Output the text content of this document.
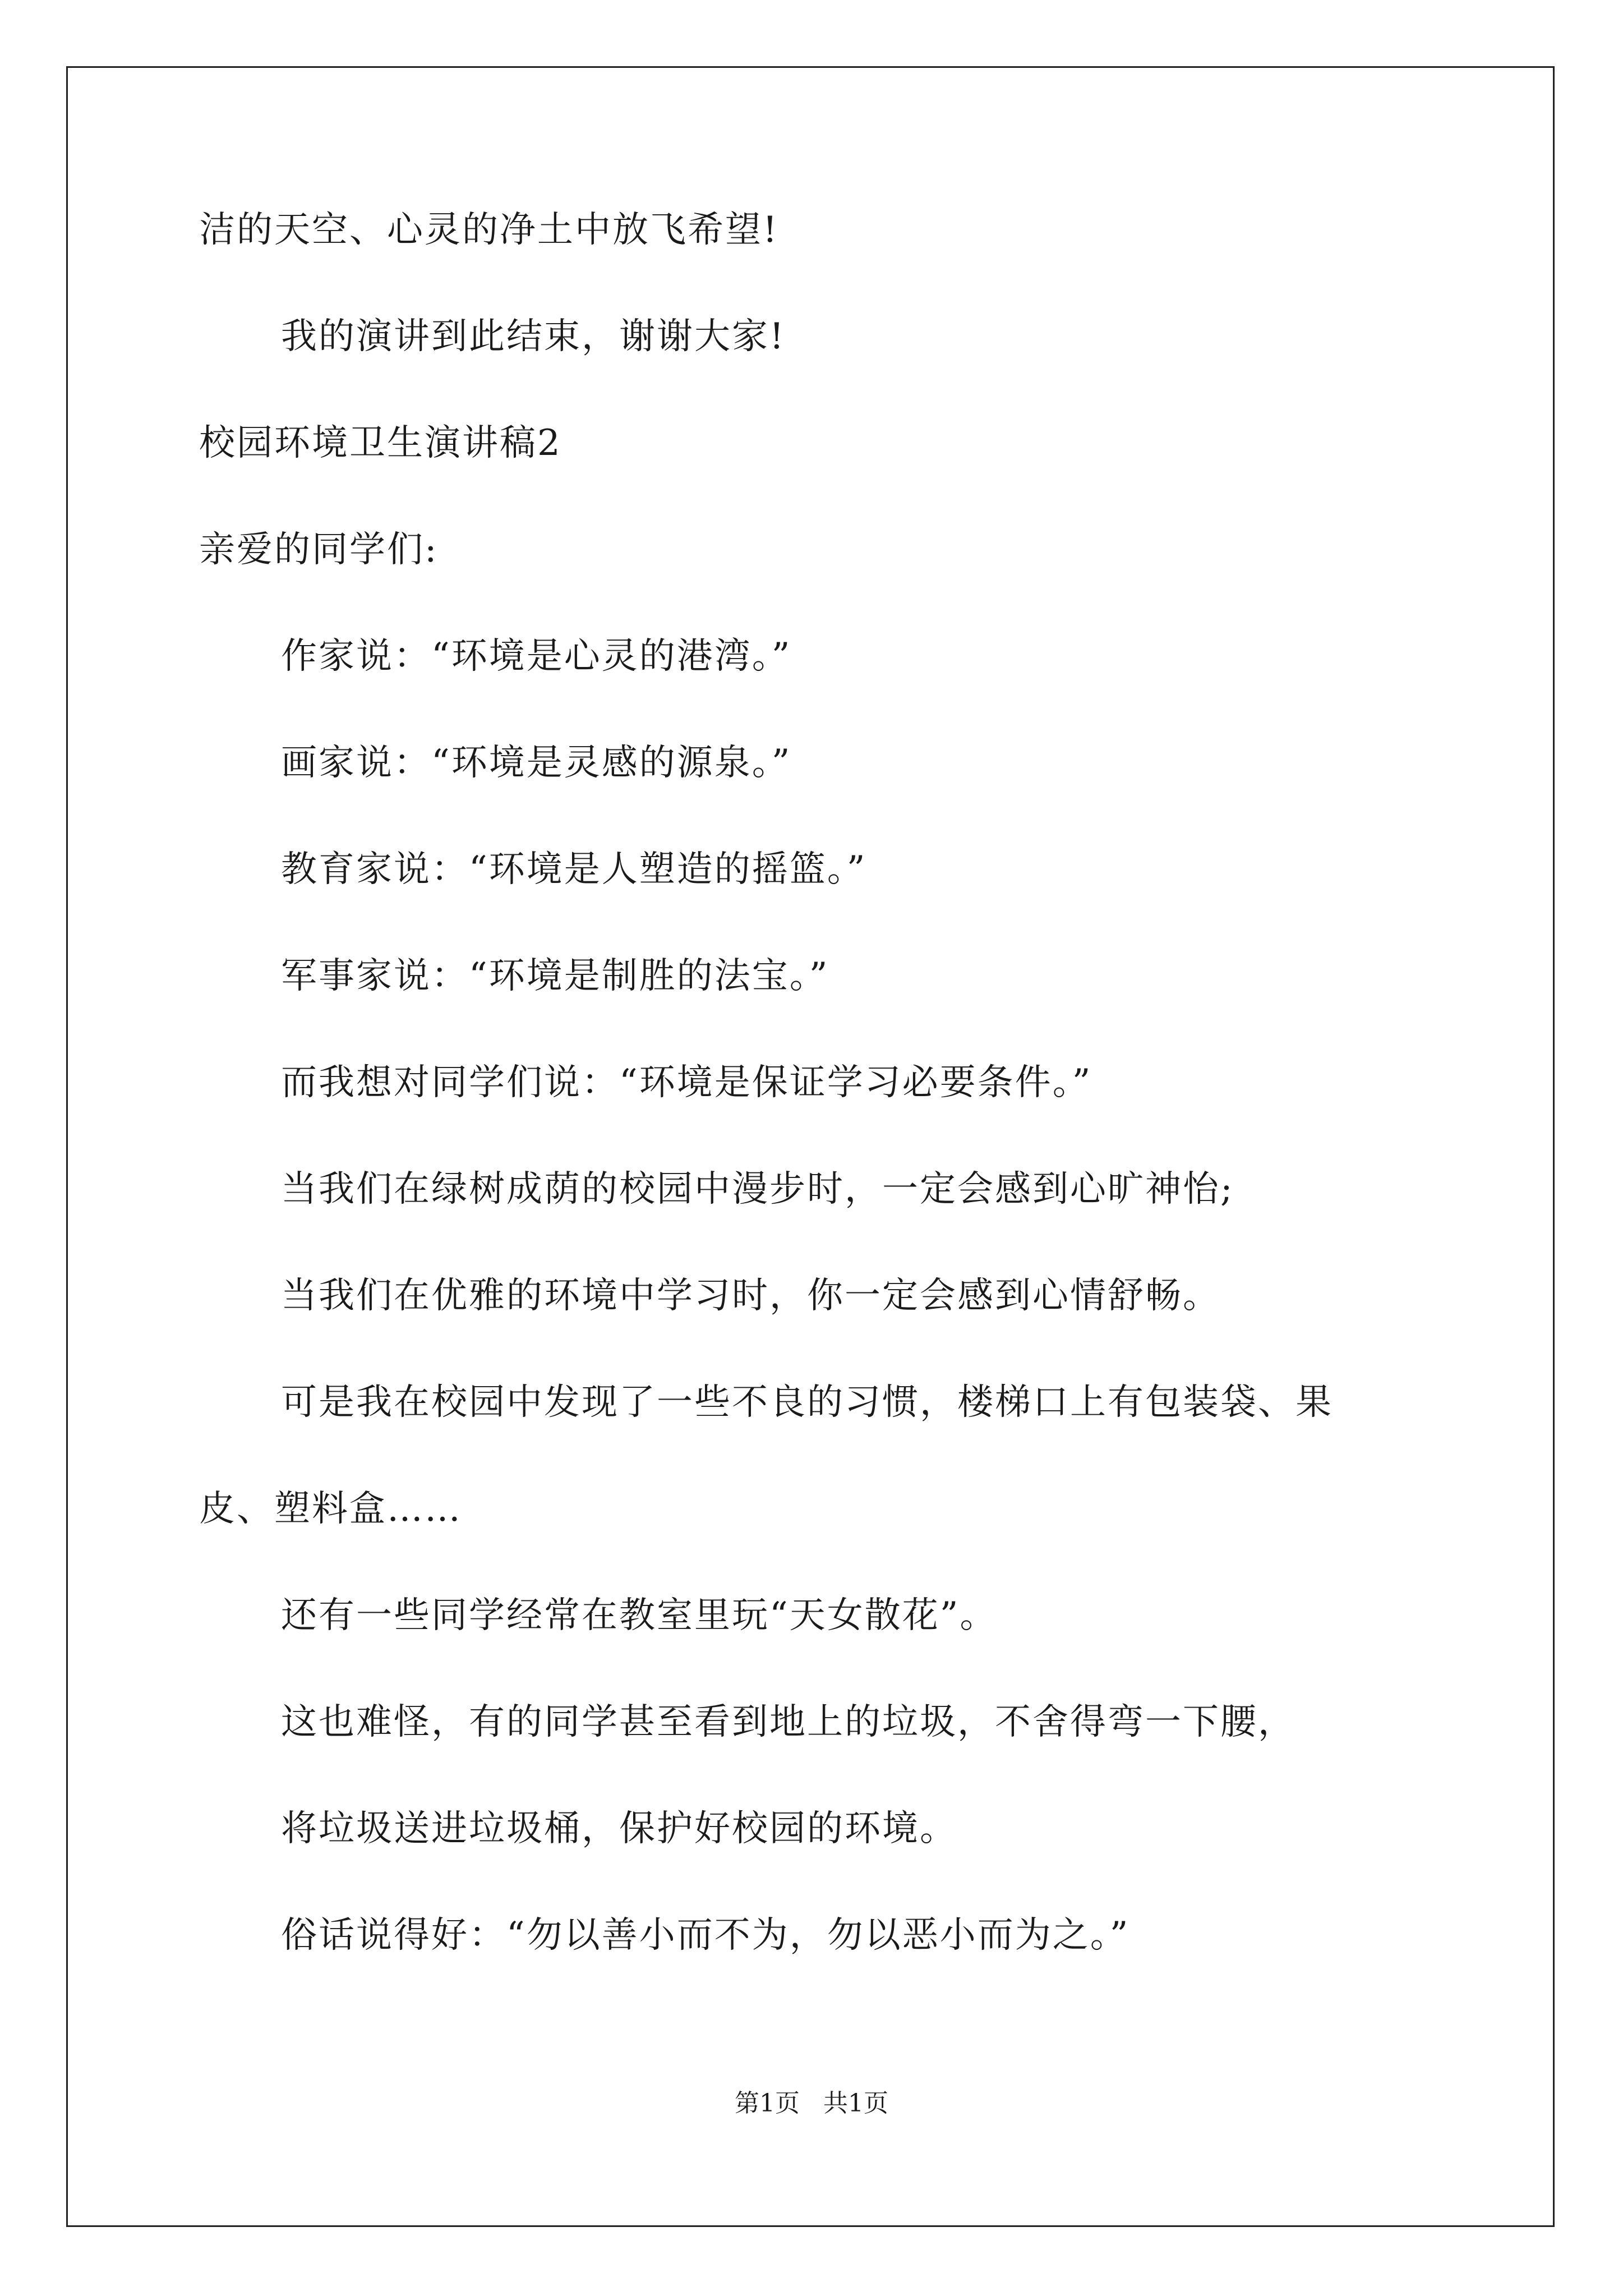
洁的天空、心灵的净土中放飞希望!
我的演讲到此结束，谢谢大家!
校园环境卫生演讲稿2
亲爱的同学们:
作家说：“环境是心灵的港湾。”
画家说：“环境是灵感的源泉。”
教育家说：“环境是人塑造的摇篮。”
军事家说：“环境是制胜的法宝。”
而我想对同学们说：“环境是保证学习必要条件。”
当我们在绿树成荫的校园中漫步时，一定会感到心旷神怡;
当我们在优雅的环境中学习时，你一定会感到心情舒畅。
可是我在校园中发现了一些不良的习惯，楼梯口上有包装袋、果
皮、塑料盒……
还有一些同学经常在教室里玩“天女散花”。
这也难怪，有的同学甚至看到地上的垃圾，不舍得弯一下腰，
将垃圾送进垃圾桶，保护好校园的环境。
俗话说得好：“勿以善小而不为，勿以恶小而为之。”
第1页   共1页
